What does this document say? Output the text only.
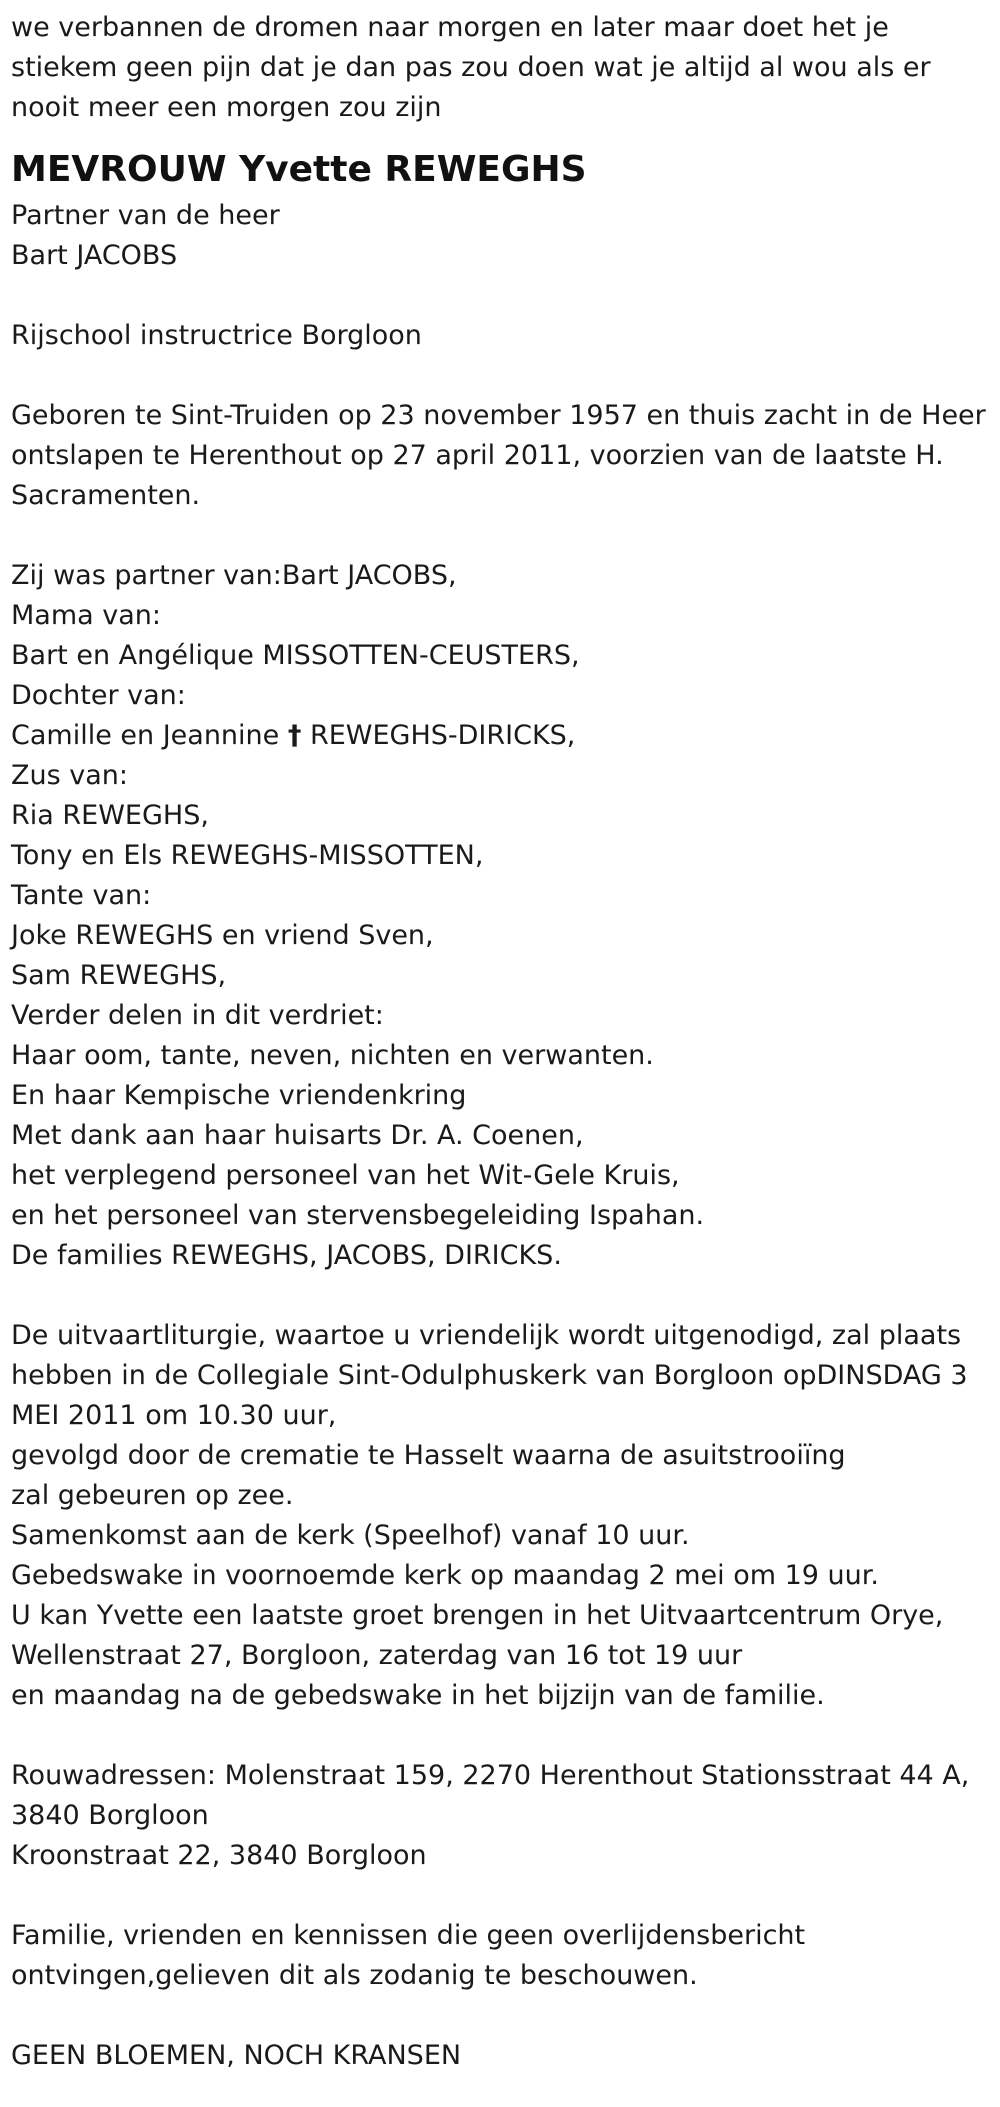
we verbannen de dromen naar morgen en later maar doet het je
stiekem geen pijn dat je dan pas zou doen wat je altijd al wou als er
nooit meer een morgen zou zijn
MEVROUW Yvette REWEGHS
Partner van de heer
Bart JACOBS
Rijschool instructrice Borgloon
Geboren te Sint-Truiden op 23 november 1957 en thuis zacht in de Heer
ontslapen te Herenthout op 27 april 2011, voorzien van de laatste H.
Sacramenten.
Zij was partner van:Bart JACOBS,
Mama van:
Bart en Angélique MISSOTTEN-CEUSTERS,
Dochter van:
Camille en Jeannine † REWEGHS-DIRICKS,
Zus van:
Ria REWEGHS,
Tony en Els REWEGHS-MISSOTTEN,
Tante van:
Joke REWEGHS en vriend Sven,
Sam REWEGHS,
Verder delen in dit verdriet:
Haar oom, tante, neven, nichten en verwanten.
En haar Kempische vriendenkring
Met dank aan haar huisarts Dr. A. Coenen,
het verplegend personeel van het Wit-Gele Kruis,
en het personeel van stervensbegeleiding Ispahan.
De families REWEGHS, JACOBS, DIRICKS.
De uitvaartliturgie, waartoe u vriendelijk wordt uitgenodigd, zal plaats
hebben in de Collegiale Sint-Odulphuskerk van Borgloon opDINSDAG 3
MEI 2011 om 10.30 uur,
gevolgd door de crematie te Hasselt waarna de asuitstrooiïng
zal gebeuren op zee.
Samenkomst aan de kerk (Speelhof) vanaf 10 uur.
Gebedswake in voornoemde kerk op maandag 2 mei om 19 uur.
U kan Yvette een laatste groet brengen in het Uitvaartcentrum Orye,
Wellenstraat 27, Borgloon, zaterdag van 16 tot 19 uur
en maandag na de gebedswake in het bijzijn van de familie.
Rouwadressen: Molenstraat 159, 2270 Herenthout Stationsstraat 44 A,
3840 Borgloon
Kroonstraat 22, 3840 Borgloon
Familie, vrienden en kennissen die geen overlijdensbericht
ontvingen,gelieven dit als zodanig te beschouwen.
GEEN BLOEMEN, NOCH KRANSEN
